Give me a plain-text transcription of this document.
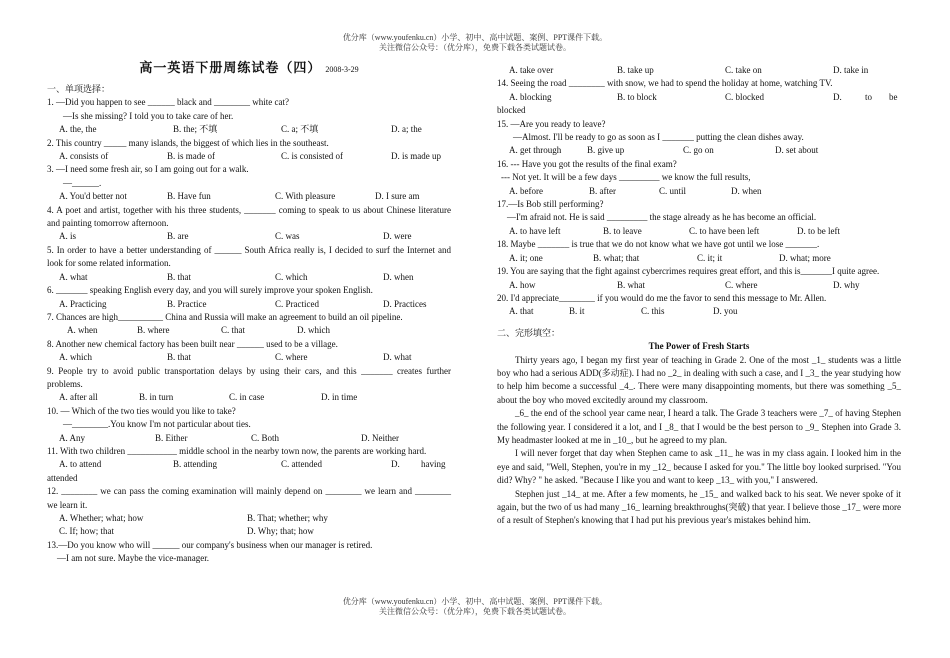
优分库（www.youfenku.cn）小学、初中、高中试题、案例、PPT课件下载。
关注微信公众号：（优分库），免费下载各类试题试卷。
高一英语下册周练试卷（四） 2008-3-29
一、单项选择：
1. —Did you happen to see ______ black and ________ white cat?
—Is she missing? I told you to take care of her.
A. the, the	B. the; 不填	C. a; 不填	D. a; the
2. This country _____ many islands, the biggest of which lies in the southeast.
A. consists of	B. is made of	C. is consisted of	D. is made up
3. —I need some fresh air, so I am going out for a walk.
—______.
A. You'd better not	B. Have fun	C. With pleasure	D. I sure am
4. A poet and artist, together with his three students, _______ coming to speak to us about Chinese literature and painting tomorrow afternoon.
A. is	B. are	C. was	D. were
5. In order to have a better understanding of ______ South Africa really is, I decided to surf the Internet and look for some related information.
A. what	B. that	C. which	D. when
6. _______ speaking English every day, and you will surely improve your spoken English.
A. Practicing	B. Practice	C. Practiced	D. Practices
7. Chances are high__________ China and Russia will make an agreement to build an oil pipeline.
A. when	B. where	C. that	D. which
8. Another new chemical factory has been built near ______ used to be a village.
A. which	B. that	C. where	D. what
9. People try to avoid public transportation delays by using their cars, and this _______ creates further problems.
A. after all	B. in turn	C. in case	D. in time
10. — Which of the two ties would you like to take?
—________.You know I'm not particular about ties.
A. Any	B. Either	C. Both	D. Neither
11. With two children ___________ middle school in the nearby town now, the parents are working hard.
A. to attend	B. attending	C. attended	D.	having
attended
12. ________ we can pass the coming examination will mainly depend on ________ we learn and ________ we learn it.
A. Whether; what; how	B. That; whether; why
C. If; how; that	D. Why; that; how
13.—Do you know who will ______ our company's business when our manager is retired.
—I am not sure. Maybe the vice-manager.
A. take over	B. take up	C. take on	D. take in
14. Seeing the road ________ with snow, we had to spend the holiday at home, watching TV.
A. blocking	B. to block	C. blocked	D.	to	be
blocked
15. —Are you ready to leave?
—Almost. I'll be ready to go as soon as I _______ putting the clean dishes away.
A. get through	B. give up	C. go on	D. set about
16. --- Have you got the results of the final exam?
--- Not yet. It will be a few days _________ we know the full results,
A. before	B. after	C. until	D. when
17.—Is Bob still performing?
—I'm afraid not. He is said _________ the stage already as he has become an official.
A. to have left	B. to leave	C. to have been left	D. to be left
18. Maybe _______ is true that we do not know what we have got until we lose _______.
A. it; one	B. what; that	C. it; it	D. what; more
19. You are saying that the fight against cybercrimes requires great effort, and this is_______I quite agree.
A. how	B. what	C. where	D. why
20. I'd appreciate________ if you would do me the favor to send this message to Mr. Allen.
A. that	B. it	C. this	D. you
二、完形填空：
The Power of Fresh Starts
Thirty years ago, I began my first year of teaching in Grade 2. One of the most _1_ students was a little boy who had a serious ADD(多动症). I had no _2_ in dealing with such a case, and I _3_ the year studying how to help him become a successful _4_. There were many disappointing moments, but there was something _5_ about the boy who moved excitedly around my classroom.
_6_ the end of the school year came near, I heard a talk. The Grade 3 teachers were _7_ of having Stephen the following year. I considered it a lot, and I _8_ that I would be the best person to _9_ Stephen into Grade 3. My headmaster looked at me in _10_, but he agreed to my plan.
I will never forget that day when Stephen came to ask _11_ he was in my class again. I looked him in the eye and said, "Well, Stephen, you're in my _12_ because I asked for you." The little boy looked surprised. "You did? Why? " he asked. "Because I like you and want to keep _13_ with you," I answered.
Stephen just _14_ at me. After a few moments, he _15_ and walked back to his seat. We never spoke of it again, but the two of us had many _16_ learning breakthroughs(突破) that year. I believe those _17_ were more of a result of Stephen's knowing that I had put his previous year's mistakes behind him.
优分库（www.youfenku.cn）小学、初中、高中试题、案例、PPT课件下载。
关注微信公众号：（优分库），免费下载各类试题试卷。
